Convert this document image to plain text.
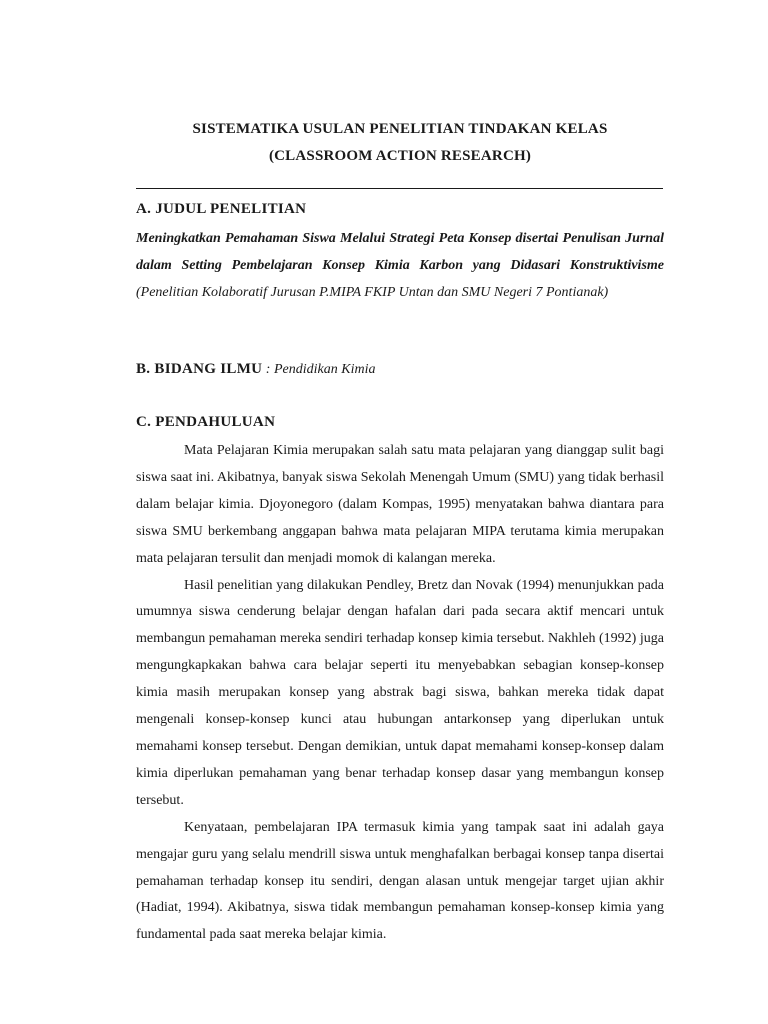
SISTEMATIKA USULAN PENELITIAN TINDAKAN KELAS
(CLASSROOM ACTION RESEARCH)
A. JUDUL PENELITIAN
Meningkatkan Pemahaman Siswa Melalui Strategi Peta Konsep disertai Penulisan Jurnal dalam Setting Pembelajaran Konsep Kimia Karbon yang Didasari Konstruktivisme (Penelitian Kolaboratif Jurusan P.MIPA FKIP Untan dan SMU Negeri 7 Pontianak)
B. BIDANG ILMU : Pendidikan Kimia
C. PENDAHULUAN

Mata Pelajaran Kimia merupakan salah satu mata pelajaran yang dianggap sulit bagi siswa saat ini. Akibatnya, banyak siswa Sekolah Menengah Umum (SMU) yang tidak berhasil dalam belajar kimia. Djoyonegoro (dalam Kompas, 1995) menyatakan bahwa diantara para siswa SMU berkembang anggapan bahwa mata pelajaran MIPA terutama kimia merupakan mata pelajaran tersulit dan menjadi momok di kalangan mereka.

Hasil penelitian yang dilakukan Pendley, Bretz dan Novak (1994) menunjukkan pada umumnya siswa cenderung belajar dengan hafalan dari pada secara aktif mencari untuk membangun pemahaman mereka sendiri terhadap konsep kimia tersebut. Nakhleh (1992) juga mengungkapkakan bahwa cara belajar seperti itu menyebabkan sebagian konsep-konsep kimia masih merupakan konsep yang abstrak bagi siswa, bahkan mereka tidak dapat mengenali konsep-konsep kunci atau hubungan antarkonsep yang diperlukan untuk memahami konsep tersebut. Dengan demikian, untuk dapat memahami konsep-konsep dalam kimia diperlukan pemahaman yang benar terhadap konsep dasar yang membangun konsep tersebut.

Kenyataan, pembelajaran IPA termasuk kimia yang tampak saat ini adalah gaya mengajar guru yang selalu mendrill siswa untuk menghafalkan berbagai konsep tanpa disertai pemahaman terhadap konsep itu sendiri, dengan alasan untuk mengejar target ujian akhir (Hadiat, 1994). Akibatnya, siswa tidak membangun pemahaman konsep-konsep kimia yang fundamental pada saat mereka belajar kimia.
